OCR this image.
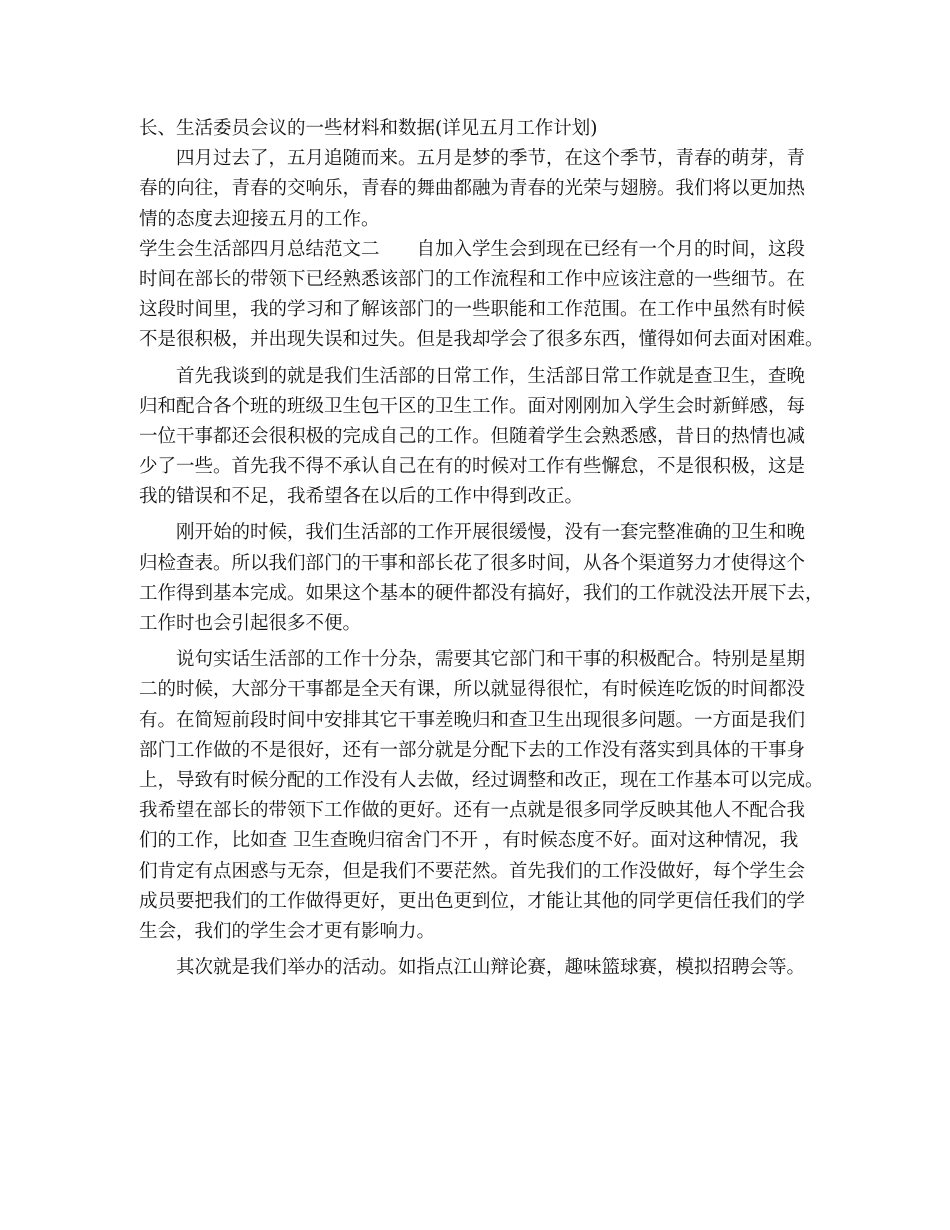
长、生活委员会议的一些材料和数据(详见五月工作计划)
四月过去了，五月追随而来。五月是梦的季节，在这个季节，青春的萌芽，青
春的向往，青春的交响乐，青春的舞曲都融为青春的光荣与翅膀。我们将以更加热
情的态度去迎接五月的工作。
学生会生活部四月总结范文二　　自加入学生会到现在已经有一个月的时间，这段
时间在部长的带领下已经熟悉该部门的工作流程和工作中应该注意的一些细节。在
这段时间里，我的学习和了解该部门的一些职能和工作范围。在工作中虽然有时候
不是很积极，并出现失误和过失。但是我却学会了很多东西，懂得如何去面对困难。
首先我谈到的就是我们生活部的日常工作，生活部日常工作就是查卫生，查晚
归和配合各个班的班级卫生包干区的卫生工作。面对刚刚加入学生会时新鲜感，每
一位干事都还会很积极的完成自己的工作。但随着学生会熟悉感，昔日的热情也减
少了一些。首先我不得不承认自己在有的时候对工作有些懈怠，不是很积极，这是
我的错误和不足，我希望各在以后的工作中得到改正。
刚开始的时候，我们生活部的工作开展很缓慢，没有一套完整准确的卫生和晚
归检查表。所以我们部门的干事和部长花了很多时间，从各个渠道努力才使得这个
工作得到基本完成。如果这个基本的硬件都没有搞好，我们的工作就没法开展下去，
工作时也会引起很多不便。
说句实话生活部的工作十分杂，需要其它部门和干事的积极配合。特别是星期
二的时候，大部分干事都是全天有课，所以就显得很忙，有时候连吃饭的时间都没
有。在简短前段时间中安排其它干事差晚归和查卫生出现很多问题。一方面是我们
部门工作做的不是很好，还有一部分就是分配下去的工作没有落实到具体的干事身
上，导致有时候分配的工作没有人去做，经过调整和改正，现在工作基本可以完成。
我希望在部长的带领下工作做的更好。还有一点就是很多同学反映其他人不配合我
们的工作，比如查 卫生查晚归宿舍门不开 ，有时候态度不好。面对这种情况，我
们肯定有点困惑与无奈，但是我们不要茫然。首先我们的工作没做好，每个学生会
成员要把我们的工作做得更好，更出色更到位，才能让其他的同学更信任我们的学
生会，我们的学生会才更有影响力。
其次就是我们举办的活动。如指点江山辩论赛，趣味篮球赛，模拟招聘会等。
